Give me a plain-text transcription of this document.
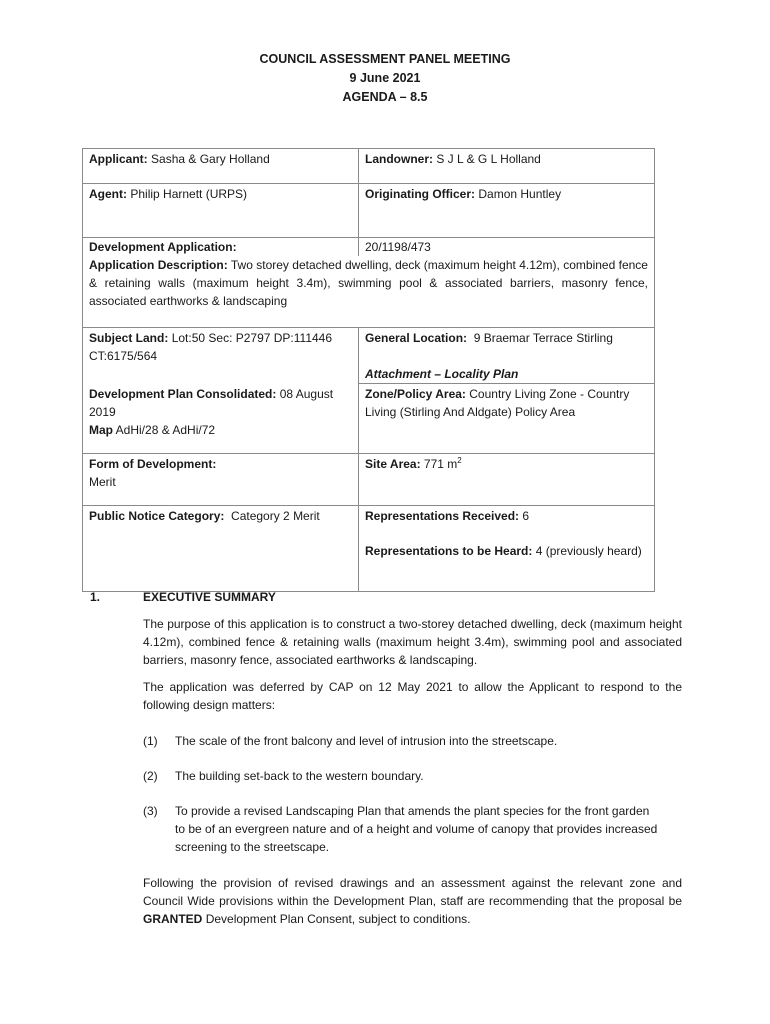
COUNCIL ASSESSMENT PANEL MEETING
9 June 2021
AGENDA – 8.5
Applicant: Sasha & Gary Holland	Landowner: S J L & G L Holland
Agent: Philip Harnett (URPS)	Originating Officer: Damon Huntley
Development Application:	20/1198/473
Application Description: Two storey detached dwelling, deck (maximum height 4.12m), combined fence & retaining walls (maximum height 3.4m), swimming pool & associated barriers, masonry fence, associated earthworks & landscaping	
Subject Land: Lot:50 Sec: P2797 DP:111446 CT:6175/564	General Location: 9 Braemar Terrace Stirling
Attachment – Locality Plan

Development Plan Consolidated: 08 August 2019
Map AdHi/28 & AdHi/72	Zone/Policy Area: Country Living Zone - Country Living (Stirling And Aldgate) Policy Area

Form of Development:
Merit	Site Area: 771 $m^2$
Public Notice Category: Category 2 Merit	Representations Received: 6
Representations to be Heard: 4 (previously heard)
1.	EXECUTIVE SUMMARY
The purpose of this application is to construct a two-storey detached dwelling, deck (maximum height 4.12m), combined fence & retaining walls (maximum height 3.4m), swimming pool and associated barriers, masonry fence, associated earthworks & landscaping.
The application was deferred by CAP on 12 May 2021 to allow the Applicant to respond to the following design matters:
(1)	The scale of the front balcony and level of intrusion into the streetscape.
(2)	The building set-back to the western boundary.
(3)	To provide a revised Landscaping Plan that amends the plant species for the front garden to be of an evergreen nature and of a height and volume of canopy that provides increased screening to the streetscape.
Following the provision of revised drawings and an assessment against the relevant zone and Council Wide provisions within the Development Plan, staff are recommending that the proposal be GRANTED Development Plan Consent, subject to conditions.
